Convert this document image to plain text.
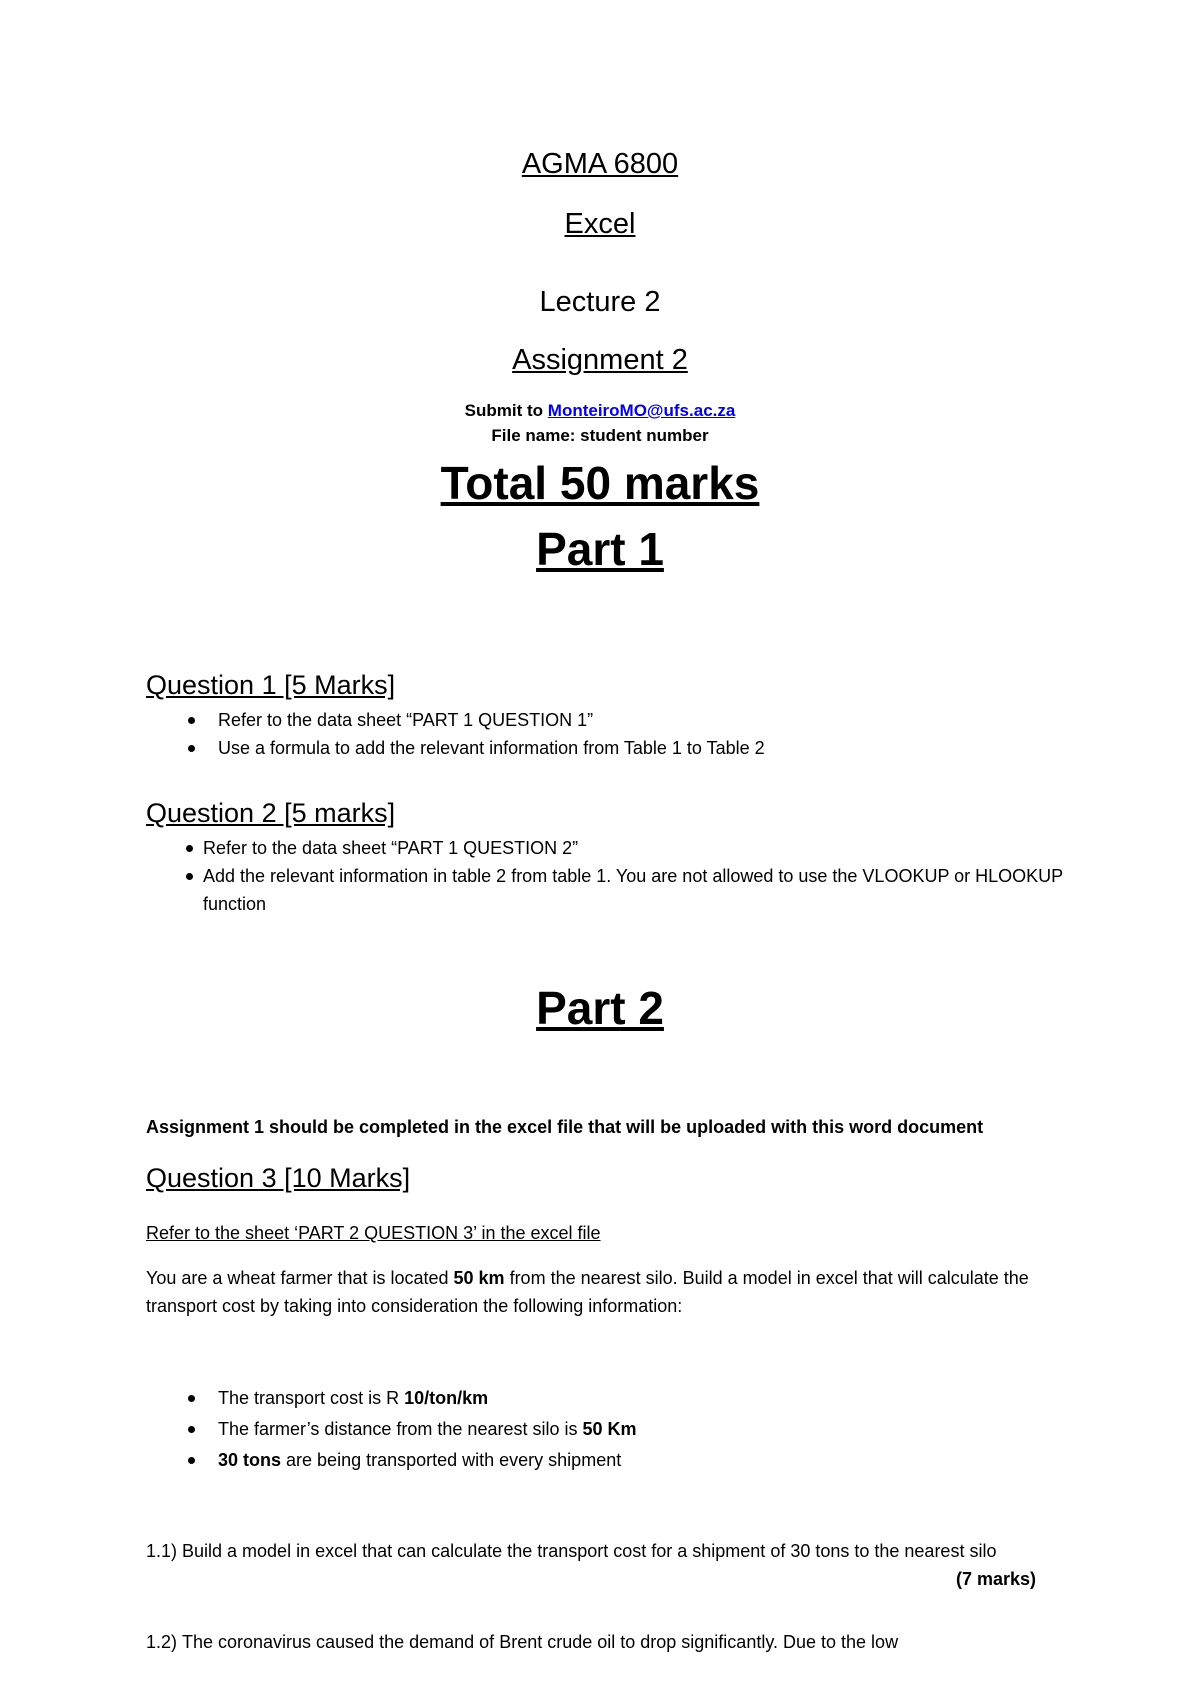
AGMA 6800
Excel
Lecture 2
Assignment 2
Submit to MonteiroMO@ufs.ac.za
File name: student number
Total 50 marks
Part 1
Question 1 [5 Marks]
Refer to the data sheet “PART 1 QUESTION 1”
Use a formula to add the relevant information from Table 1 to Table 2
Question 2 [5 marks]
Refer to the data sheet “PART 1 QUESTION 2”
Add the relevant information in table 2 from table 1. You are not allowed to use the VLOOKUP or HLOOKUP function
Part 2
Assignment 1 should be completed in the excel file that will be uploaded with this word document
Question 3 [10 Marks]
Refer to the sheet ‘PART 2 QUESTION 3’ in the excel file
You are a wheat farmer that is located 50 km from the nearest silo. Build a model in excel that will calculate the transport cost by taking into consideration the following information:
The transport cost is R 10/ton/km
The farmer’s distance from the nearest silo is 50 Km
30 tons are being transported with every shipment
1.1) Build a model in excel that can calculate the transport cost for a shipment of 30 tons to the nearest silo
(7 marks)
1.2) The coronavirus caused the demand of Brent crude oil to drop significantly. Due to the low
